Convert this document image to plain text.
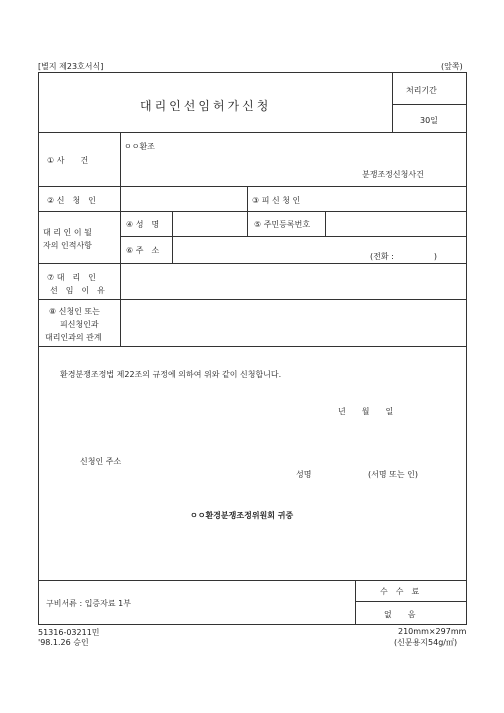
[별지 제23호서식]	(앞쪽)
대리인선임허가신청
처리기간
30일
① 사　　건
ㅇㅇ환조
분쟁조정신청사건
② 신　청　인	③ 피 신 청 인
대 리 인 이 될
자의 인적사항
④ 성　명	⑤ 주민등록번호
⑥ 주　소
(전화 :　　　　　)
⑦ 대　리　인
선　임　이　유
⑧ 신청인 또는
피신청인과
대리인과의 관계
환경분쟁조정법 제22조의 규정에 의하여 위와 같이 신청합니다.
년　　월　　일
신청인 주소
성명	(서명 또는 인)
ㅇㅇ환경분쟁조정위원회 귀중
구비서류 : 입증자료 1부
수　수　료
없　　음
51316-03211민
'98.1.26 승인
210mm×297mm
(신문용지54g/㎡)
